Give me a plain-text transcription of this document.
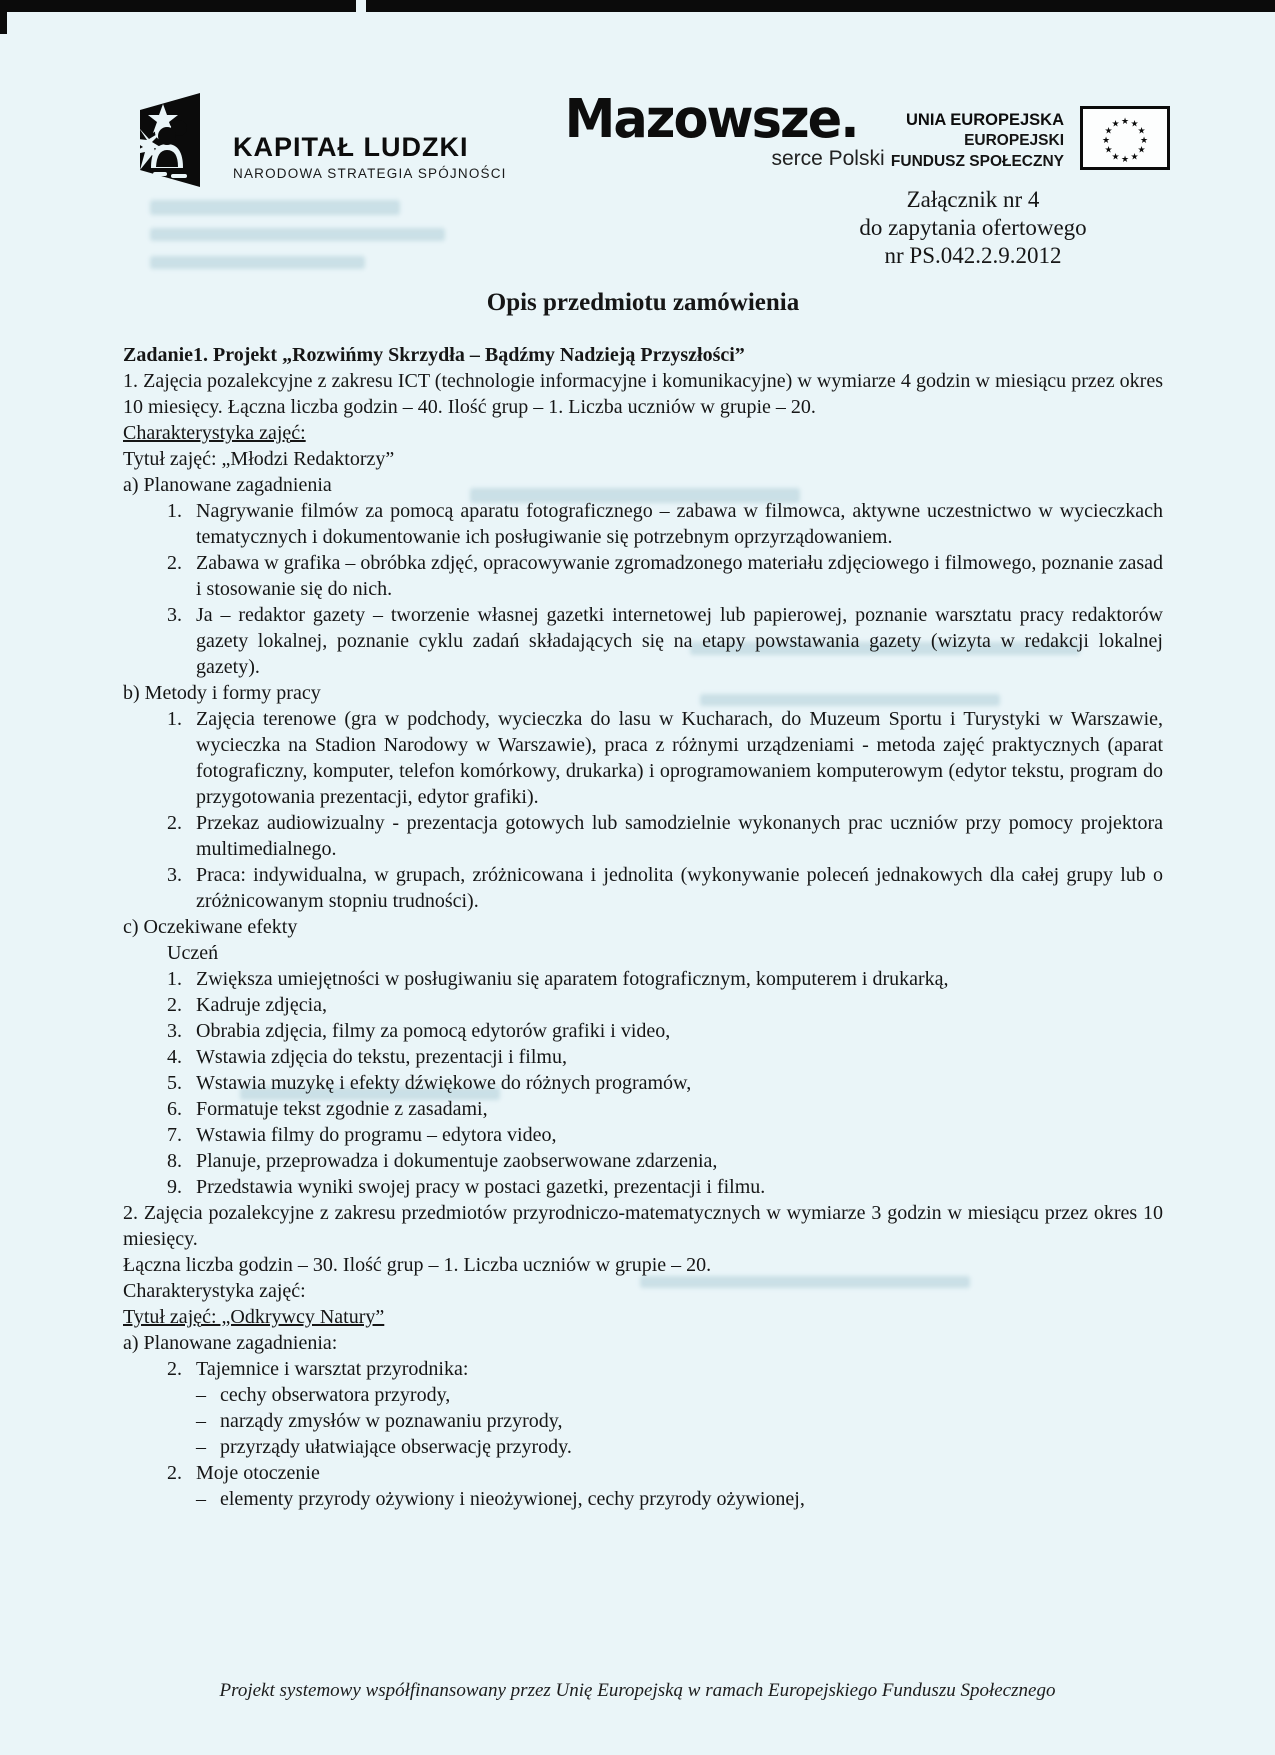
KAPITAŁ LUDZKI
NARODOWA STRATEGIA SPÓJNOŚCI
Mazowsze.
serce Polski
UNIA EUROPEJSKA
EUROPEJSKI
FUNDUSZ SPOŁECZNY
★ ★
★
★
★
★
★
★
★
★
★
★
Załącznik nr 4
do zapytania ofertowego
nr PS.042.2.9.2012
Opis przedmiotu zamówienia

Zadanie1. Projekt „Rozwińmy Skrzydła – Bądźmy Nadzieją Przyszłości”

1. Zajęcia pozalekcyjne z zakresu ICT (technologie informacyjne i komunikacyjne) w wymiarze 4 godzin w miesiącu przez okres 10 miesięcy. Łączna liczba godzin – 40. Ilość grup – 1. Liczba uczniów w grupie – 20.

Charakterystyka zajęć:

Tytuł zajęć: „Młodzi Redaktorzy”

a) Planowane zagadnienia

Nagrywanie filmów za pomocą aparatu fotograficznego – zabawa w filmowca, aktywne uczestnictwo w wycieczkach tematycznych i dokumentowanie ich posługiwanie się potrzebnym oprzyrządowaniem.
Zabawa w grafika – obróbka zdjęć, opracowywanie zgromadzonego materiału zdjęciowego i filmowego, poznanie zasad i stosowanie się do nich.
Ja – redaktor gazety – tworzenie własnej gazetki internetowej lub papierowej, poznanie warsztatu pracy redaktorów gazety lokalnej, poznanie cyklu zadań składających się na etapy powstawania gazety (wizyta w redakcji lokalnej gazety).

b) Metody i formy pracy

Zajęcia terenowe (gra w podchody, wycieczka do lasu w Kucharach, do Muzeum Sportu i Turystyki w Warszawie, wycieczka na Stadion Narodowy w Warszawie), praca z różnymi urządzeniami - metoda zajęć praktycznych (aparat fotograficzny, komputer, telefon komórkowy, drukarka) i oprogramowaniem komputerowym (edytor tekstu, program do przygotowania prezentacji, edytor grafiki).
Przekaz audiowizualny - prezentacja gotowych lub samodzielnie wykonanych prac uczniów przy pomocy projektora multimedialnego.
Praca: indywidualna, w grupach, zróżnicowana i jednolita (wykonywanie poleceń jednakowych dla całej grupy lub o zróżnicowanym stopniu trudności).

c) Oczekiwane efekty

Uczeń

Zwiększa umiejętności w posługiwaniu się aparatem fotograficznym, komputerem i drukarką,
Kadruje zdjęcia,
Obrabia zdjęcia, filmy za pomocą edytorów grafiki i video,
Wstawia zdjęcia do tekstu, prezentacji i filmu,
Wstawia muzykę i efekty dźwiękowe do różnych programów,
Formatuje tekst zgodnie z zasadami,
Wstawia filmy do programu – edytora video,
Planuje, przeprowadza i dokumentuje zaobserwowane zdarzenia,
Przedstawia wyniki swojej pracy w postaci gazetki, prezentacji i filmu.

2. Zajęcia pozalekcyjne z zakresu przedmiotów przyrodniczo-matematycznych w wymiarze 3 godzin w miesiącu przez okres 10 miesięcy.

Łączna liczba godzin – 30. Ilość grup – 1. Liczba uczniów w grupie – 20.

Charakterystyka zajęć:

Tytuł zajęć: „Odkrywcy Natury”

a) Planowane zagadnienia:

2. Tajemnice i warsztat przyrodnika:
– cechy obserwatora przyrody,
– narządy zmysłów w poznawaniu przyrody,
– przyrządy ułatwiające obserwację przyrody.
2. Moje otoczenie
– elementy przyrody ożywiony i nieożywionej, cechy przyrody ożywionej,
Projekt systemowy współfinansowany przez Unię Europejską w ramach Europejskiego Funduszu Społecznego
